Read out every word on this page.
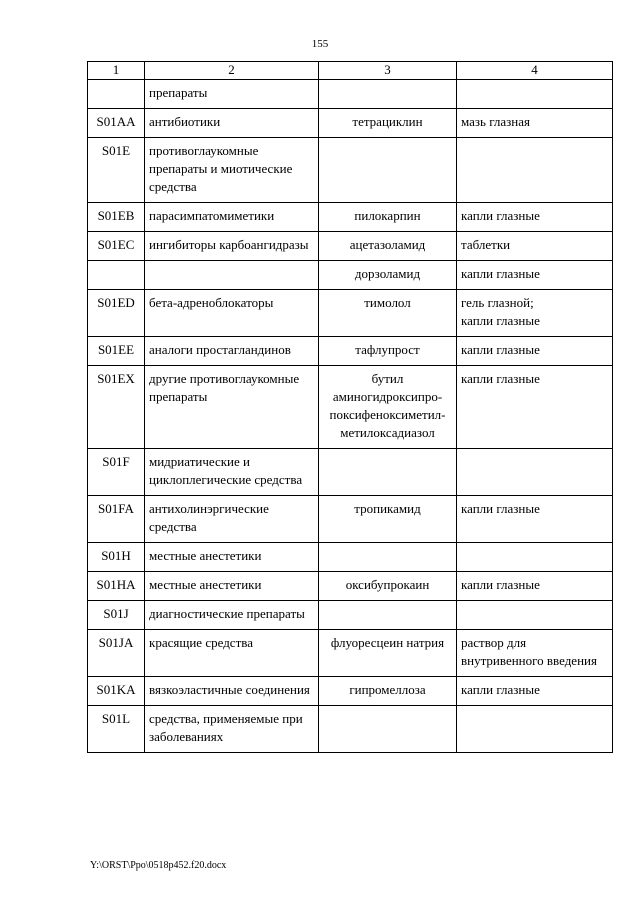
155
1	2	3	4
	препараты		
S01AA	антибиотики	тетрациклин	мазь глазная
S01E	противоглаукомные препараты и миотические средства		
S01EB	парасимпатомиметики	пилокарпин	капли глазные
S01EC	ингибиторы карбоангидразы	ацетазоламид	таблетки
		дорзоламид	капли глазные
S01ED	бета-адреноблокаторы	тимолол	гель глазной;
капли глазные
S01EE	аналоги простагландинов	тафлупрост	капли глазные
S01EX	другие противоглаукомные препараты	бутил аминогидроксипро-поксифеноксиметил-метилоксадиазол	капли глазные
S01F	мидриатические и циклоплегические средства		
S01FA	антихолинэргические средства	тропикамид	капли глазные
S01H	местные анестетики		
S01HA	местные анестетики	оксибупрокаин	капли глазные
S01J	диагностические препараты		
S01JA	красящие средства	флуоресцеин натрия	раствор для внутривенного введения
S01KA	вязкоэластичные соединения	гипромеллоза	капли глазные
S01L	средства, применяемые при заболеваниях		
Y:\ORST\Ppo\0518p452.f20.docx
